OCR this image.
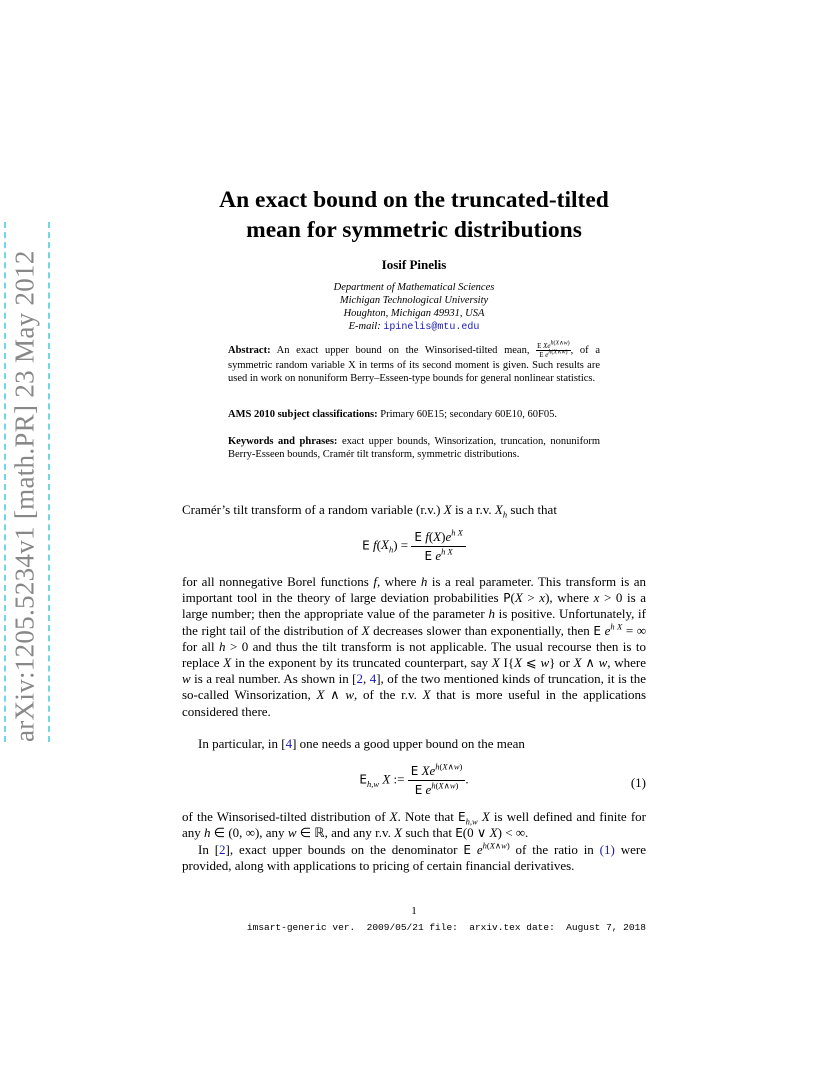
arXiv:1205.5234v1 [math.PR] 23 May 2012
An exact bound on the truncated-tilted
mean for symmetric distributions
Iosif Pinelis
Department of Mathematical Sciences
Michigan Technological University
Houghton, Michigan 49931, USA
E-mail: ipinelis@mtu.edu
Abstract: An exact upper bound on the Winsorised-tilted mean, $\frac{E Xe^{h(X\wedge w)}}{E e^{h(X\wedge w)}}$ , of a symmetric random variable X in terms of its second moment is given. Such results are used in work on nonuniform Berry–Esseen-type bounds for general nonlinear statistics.
AMS 2010 subject classifications: Primary 60E15; secondary 60E10, 60F05.
Keywords and phrases: exact upper bounds, Winsorization, truncation, nonuniform Berry-Esseen bounds, Cramér tilt transform, symmetric distributions.
Cramér’s tilt transform of a random variable (r.v.) X is a r.v. $X_h$ such that
E $f(X_h) = \frac{E f(X)e^{h X}}{E e^{h X}}$
for all nonnegative Borel functions f, where h is a real parameter. This transform is an important tool in the theory of large deviation probabilities P(X > x), where x > 0 is a large number; then the appropriate value of the parameter h is positive. Unfortunately, if the right tail of the distribution of X decreases slower than exponentially, then E $e^{h X}$ = ∞ for all h > 0 and thus the tilt transform is not applicable. The usual recourse then is to replace X in the exponent by its truncated counterpart, say X I{X ⩽ w} or X ∧ w, where w is a real number. As shown in [2, 4], of the two mentioned kinds of truncation, it is the so-called Winsorization, X ∧ w, of the r.v. X that is more useful in the applications considered there.
In particular, in [4] one needs a good upper bound on the mean
$E_{h,w}$ X := $\frac{E Xe^{h(X\wedge w)}}{E e^{h(X\wedge w)}}$ .	(1)
of the Winsorised-tilted distribution of X. Note that $E_{h,w}$ X is well defined and finite for any h ∈ (0, ∞), any w ∈ ℝ, and any r.v. X such that E(0 ∨ X) < ∞.
In [2], exact upper bounds on the denominator E $e^{h(X\wedge w)}$ of the ratio in (1) were provided, along with applications to pricing of certain financial derivatives.
1
imsart-generic ver.  2009/05/21 file:  arxiv.tex date:  August 7, 2018
